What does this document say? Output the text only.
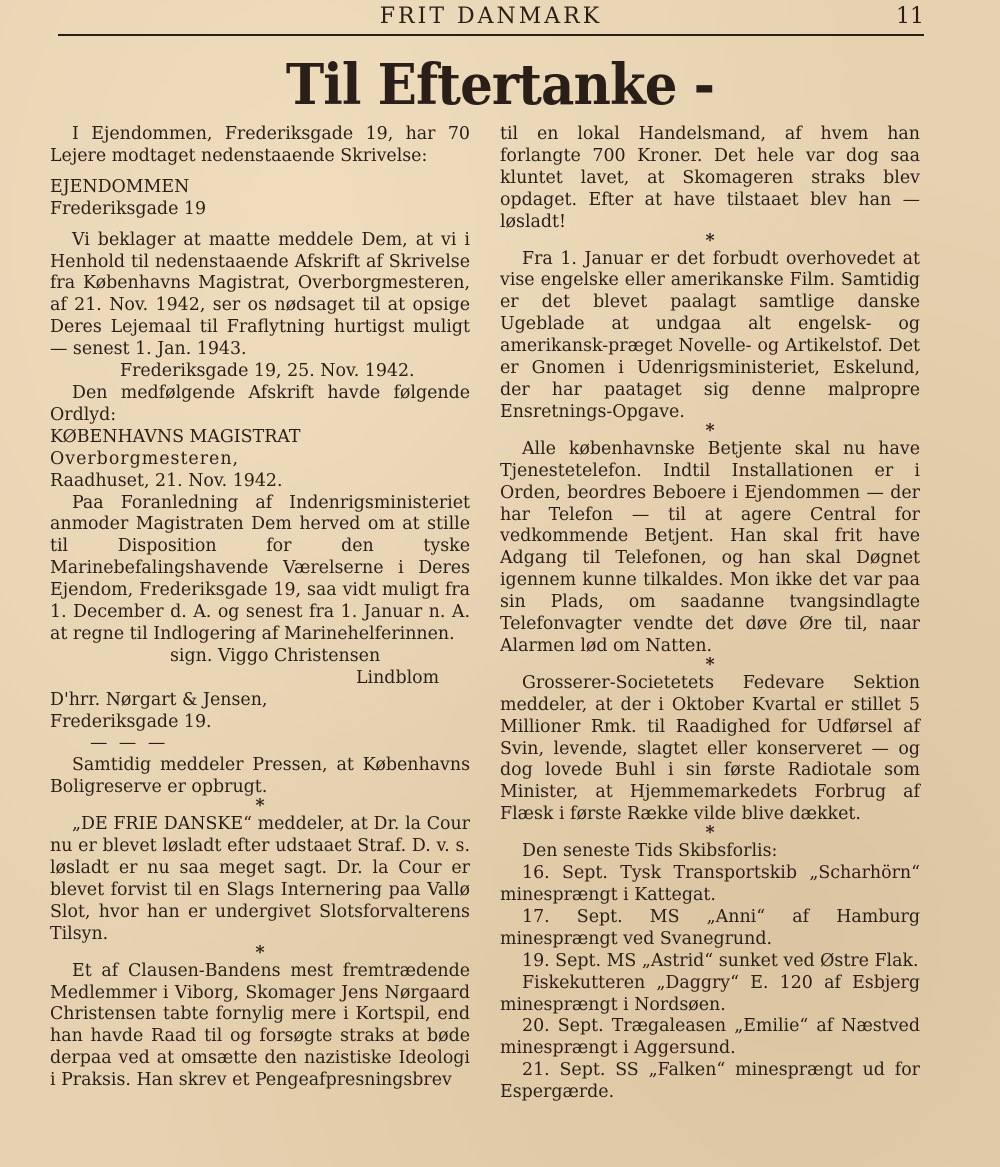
FRIT DANMARK	11
Til Eftertanke -

I Ejendommen, Frederiksgade 19, har 70 Lejere modtaget nedenstaaende Skrivelse:

EJENDOMMEN

Frederiksgade 19

Vi beklager at maatte meddele Dem, at vi i Henhold til nedenstaaende Afskrift af Skrivelse fra Københavns Magistrat, Overborgmesteren, af 21. Nov. 1942, ser os nødsaget til at opsige Deres Lejemaal til Fraflytning hurtigst muligt — senest 1. Jan. 1943.

Frederiksgade 19, 25. Nov. 1942.

Den medfølgende Afskrift havde følgende Ordlyd:

KØBENHAVNS MAGISTRAT

Overborgmesteren,

Raadhuset, 21. Nov. 1942.

Paa Foranledning af Indenrigsministeriet anmoder Magistraten Dem herved om at stille til Disposition for den tyske Marinebefalingshavende Værelserne i Deres Ejendom, Frederiksgade 19, saa vidt muligt fra 1. December d. A. og senest fra 1. Januar n. A. at regne til Indlogering af Marinehelferinnen.

sign. Viggo Christensen

Lindblom

D'hrr. Nørgart & Jensen,

Frederiksgade 19.

— — —

Samtidig meddeler Pressen, at Københavns Boligreserve er opbrugt.

*

„DE FRIE DANSKE“ meddeler, at Dr. la Cour nu er blevet løsladt efter udstaaet Straf. D. v. s. løsladt er nu saa meget sagt. Dr. la Cour er blevet forvist til en Slags Internering paa Vallø Slot, hvor han er undergivet Slotsforvalterens Tilsyn.

*

Et af Clausen-Bandens mest fremtrædende Medlemmer i Viborg, Skomager Jens Nørgaard Christensen tabte fornylig mere i Kortspil, end han havde Raad til og forsøgte straks at bøde derpaa ved at omsætte den nazistiske Ideologi i Praksis. Han skrev et Pengeafpresningsbrev

til en lokal Handelsmand, af hvem han forlangte 700 Kroner. Det hele var dog saa kluntet lavet, at Skomageren straks blev opdaget. Efter at have tilstaaet blev han — løsladt!

*

Fra 1. Januar er det forbudt overhovedet at vise engelske eller amerikanske Film. Samtidig er det blevet paalagt samtlige danske Ugeblade at undgaa alt engelsk- og amerikansk-præget Novelle- og Artikelstof. Det er Gnomen i Udenrigsministeriet, Eskelund, der har paataget sig denne malpropre Ensretnings-Opgave.

*

Alle københavnske Betjente skal nu have Tjenestetelefon. Indtil Installationen er i Orden, beordres Beboere i Ejendommen — der har Telefon — til at agere Central for vedkommende Betjent. Han skal frit have Adgang til Telefonen, og han skal Døgnet igennem kunne tilkaldes. Mon ikke det var paa sin Plads, om saadanne tvangsindlagte Telefonvagter vendte det døve Øre til, naar Alarmen lød om Natten.

*

Grosserer-Societetets Fedevare Sektion meddeler, at der i Oktober Kvartal er stillet 5 Millioner Rmk. til Raadighed for Udførsel af Svin, levende, slagtet eller konserveret — og dog lovede Buhl i sin første Radiotale som Minister, at Hjemmemarkedets Forbrug af Flæsk i første Række vilde blive dækket.

*

Den seneste Tids Skibsforlis:

16. Sept. Tysk Transportskib „Scharhörn“ minesprængt i Kattegat.

17. Sept. MS „Anni“ af Hamburg minesprængt ved Svanegrund.

19. Sept. MS „Astrid“ sunket ved Østre Flak.

Fiskekutteren „Daggry“ E. 120 af Esbjerg minesprængt i Nordsøen.

20. Sept. Trægaleasen „Emilie“ af Næstved minesprængt i Aggersund.

21. Sept. SS „Falken“ minesprængt ud for Espergærde.
